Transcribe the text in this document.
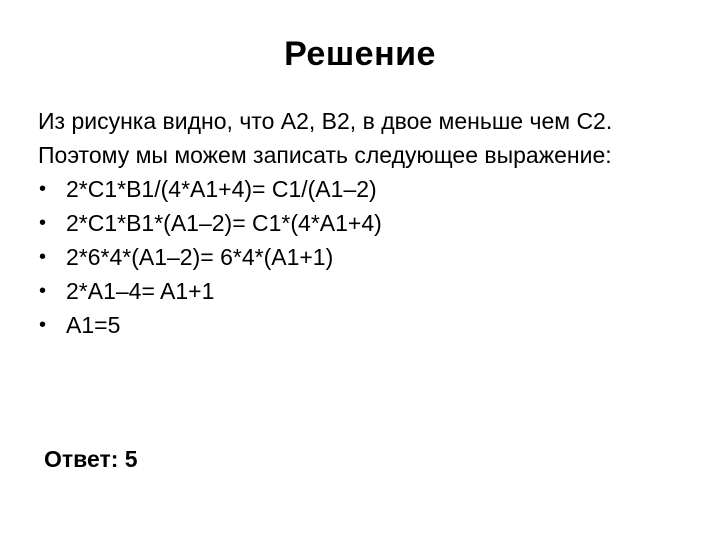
Решение

Из рисунка видно, что A2, B2, в двое меньше чем C2. Поэтому мы можем записать следующее выражение:

• 2*C1*B1/(4*A1+4)= C1/(A1–2)
• 2*C1*B1*(A1–2)= C1*(4*A1+4)
• 2*6*4*(A1–2)= 6*4*(A1+1)
• 2*A1–4= A1+1
• A1=5
Ответ: 5
